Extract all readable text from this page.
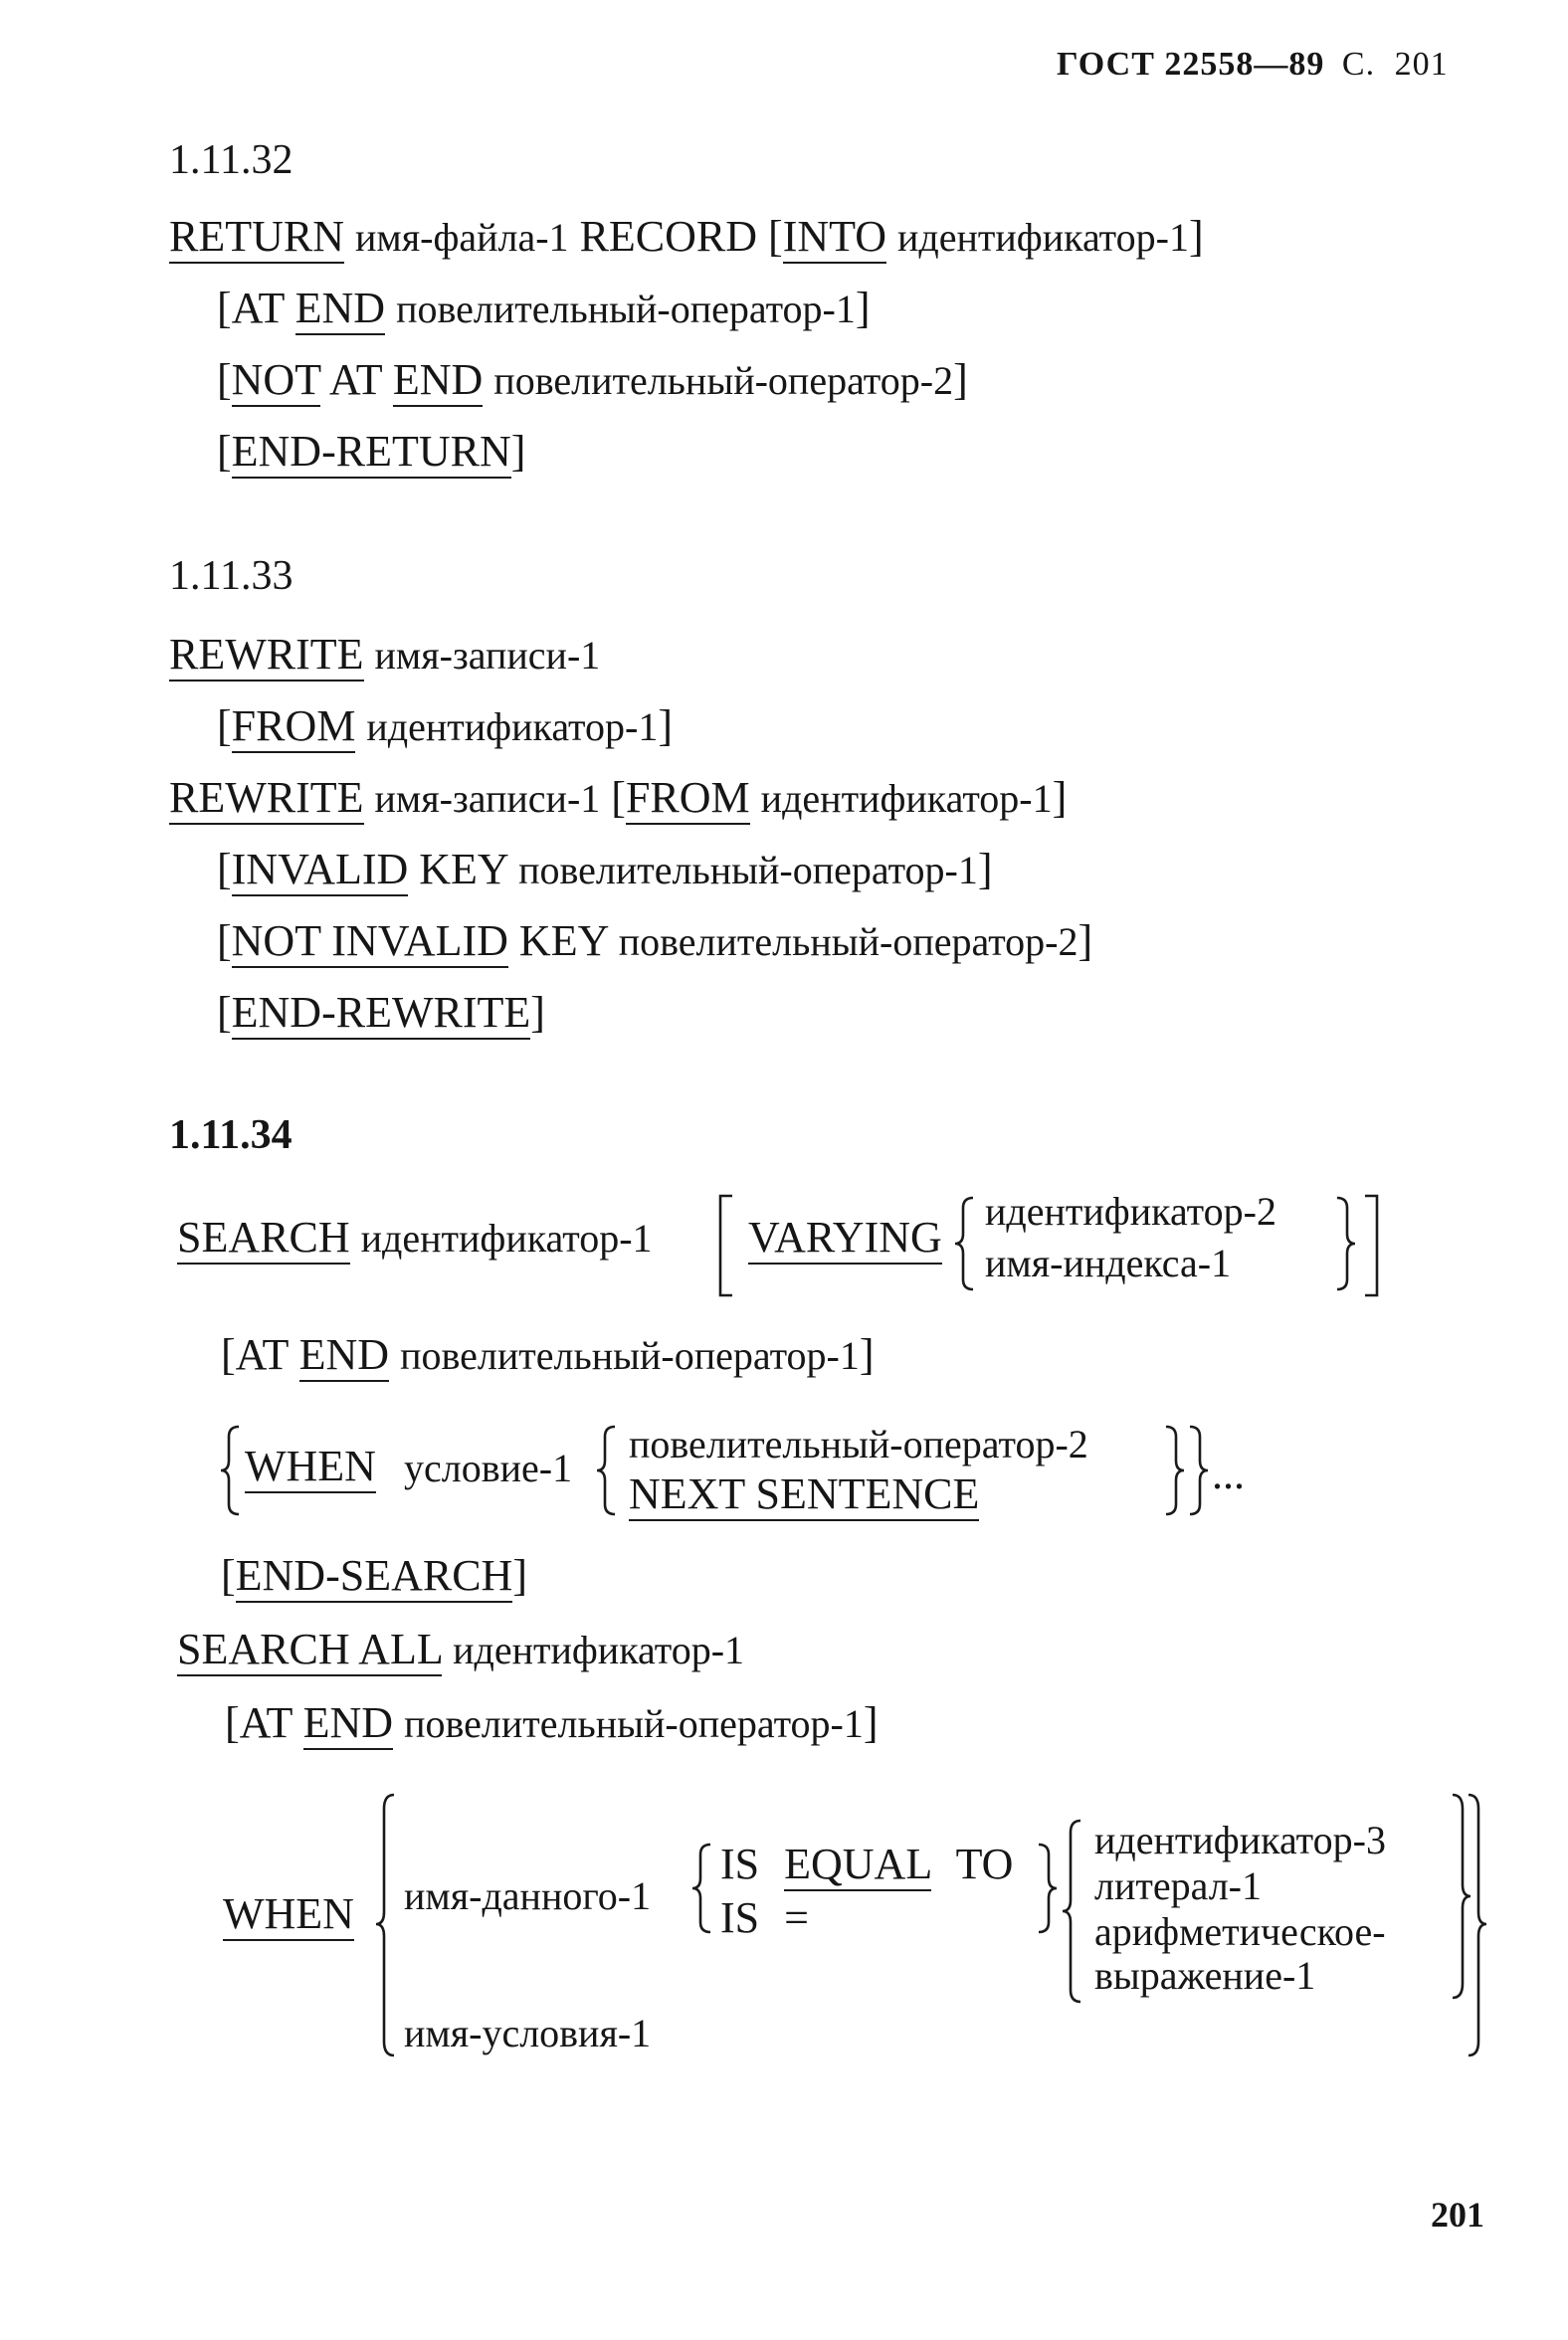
ГОСТ 22558—89 С. 201
1.11.32
RETURN имя-файла-1 RECORD [INTO идентификатор-1]
[AT END повелительный-оператор-1]
[NOT AT END повелительный-оператор-2]
[END-RETURN]
1.11.33
REWRITE имя-записи-1
[FROM идентификатор-1]
REWRITE имя-записи-1 [FROM идентификатор-1]
[INVALID KEY повелительный-оператор-1]
[NOT INVALID KEY повелительный-оператор-2]
[END-REWRITE]
1.11.34
SEARCH идентификатор-1 VARYING
идентификатор-2
имя-индекса-1
[AT END повелительный-оператор-1]
WHEN условие-1
повелительный-оператор-2
NEXT SENTENCE	...
[END-SEARCH]
SEARCH ALL идентификатор-1
[AT END повелительный-оператор-1]
WHEN имя-данного-1
IS EQUAL TO
IS =
идентификатор-3
литерал-1
арифметическое-
выражение-1
имя-условия-1
201
